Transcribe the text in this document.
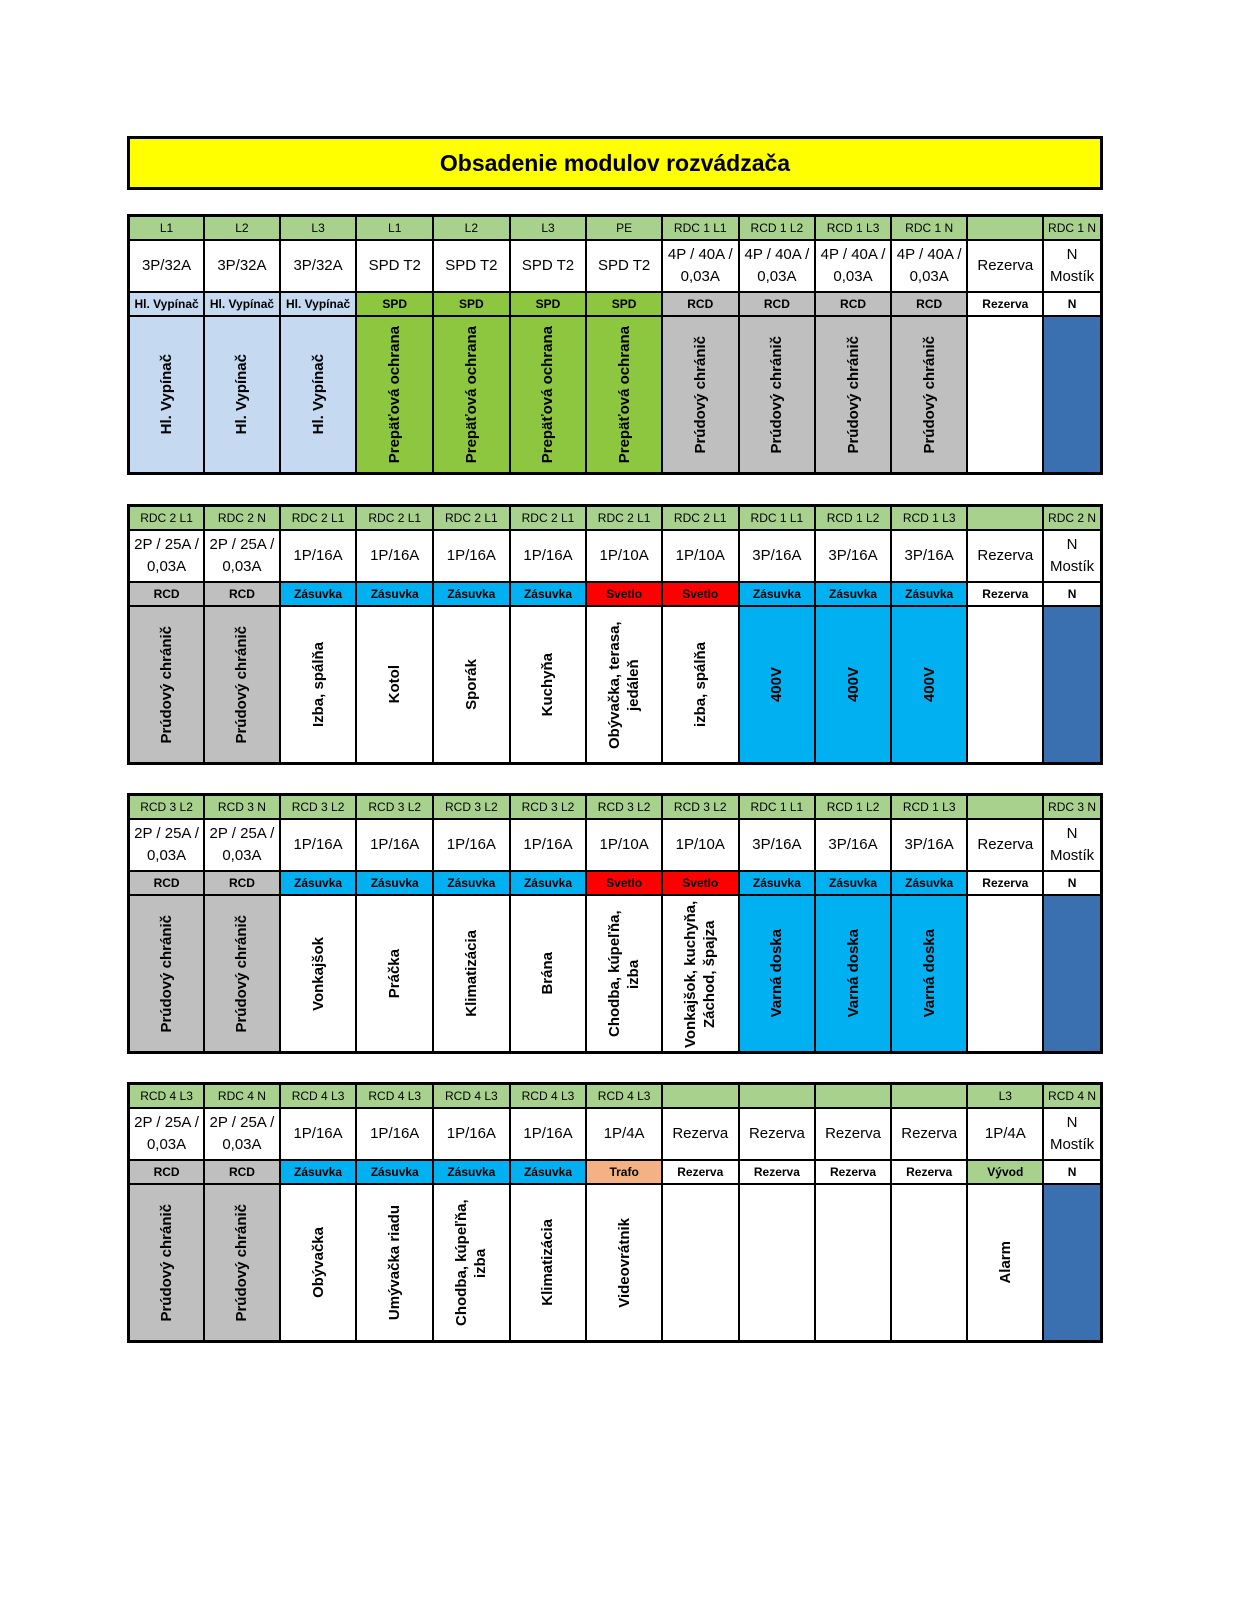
Obsadenie modulov rozvádzača
L1	L2	L3	L1	L2	L3	PE	RDC 1 L1	RCD 1 L2	RCD 1 L3	RDC 1 N		RDC 1 N
3P/32A	3P/32A	3P/32A	SPD T2	SPD T2	SPD T2	SPD T2	4P / 40A / 0,03A	4P / 40A / 0,03A	4P / 40A / 0,03A	4P / 40A / 0,03A	Rezerva	N Mostík
Hl. Vypínač	Hl. Vypínač	Hl. Vypínač	SPD	SPD	SPD	SPD	RCD	RCD	RCD	RCD	Rezerva	N

Hl. Vypínač	Hl. Vypínač	Hl. Vypínač	Prepäťová ochrana	Prepäťová ochrana	Prepäťová ochrana	Prepäťová ochrana	Prúdový chránič	Prúdový chránič	Prúdový chránič	Prúdový chránič		

RDC 2 L1	RDC 2 N	RDC 2 L1	RDC 2 L1	RDC 2 L1	RDC 2 L1	RDC 2 L1	RDC 2 L1	RDC 1 L1	RCD 1 L2	RCD 1 L3		RDC 2 N
2P / 25A / 0,03A	2P / 25A / 0,03A	1P/16A	1P/16A	1P/16A	1P/16A	1P/10A	1P/10A	3P/16A	3P/16A	3P/16A	Rezerva	N Mostík
RCD	RCD	Zásuvka	Zásuvka	Zásuvka	Zásuvka	Svetlo	Svetlo	Zásuvka	Zásuvka	Zásuvka	Rezerva	N

Prúdový chránič	Prúdový chránič	Izba, spálňa	Kotol	Sporák	Kuchyňa	Obývačka, terasa, jedáleň	izba, spálňa	400V	400V	400V		

RCD 3 L2	RCD 3 N	RCD 3 L2	RCD 3 L2	RCD 3 L2	RCD 3 L2	RCD 3 L2	RCD 3 L2	RDC 1 L1	RCD 1 L2	RCD 1 L3		RDC 3 N
2P / 25A / 0,03A	2P / 25A / 0,03A	1P/16A	1P/16A	1P/16A	1P/16A	1P/10A	1P/10A	3P/16A	3P/16A	3P/16A	Rezerva	N Mostík
RCD	RCD	Zásuvka	Zásuvka	Zásuvka	Zásuvka	Svetlo	Svetlo	Zásuvka	Zásuvka	Zásuvka	Rezerva	N

Prúdový chránič	Prúdový chránič	Vonkajšok	Práčka	Klimatizácia	Brána	Chodba, kúpeľňa, izba	Vonkajšok, kuchyňa, Záchod, špajza	Varná doska	Varná doska	Varná doska		

RCD 4 L3	RDC 4 N	RCD 4 L3	RCD 4 L3	RCD 4 L3	RCD 4 L3	RCD 4 L3					L3	RCD 4 N
2P / 25A / 0,03A	2P / 25A / 0,03A	1P/16A	1P/16A	1P/16A	1P/16A	1P/4A	Rezerva	Rezerva	Rezerva	Rezerva	1P/4A	N Mostík
RCD	RCD	Zásuvka	Zásuvka	Zásuvka	Zásuvka	Trafo	Rezerva	Rezerva	Rezerva	Rezerva	Vývod	N

Prúdový chránič	Prúdový chránič	Obývačka	Umývačka riadu	Chodba, kúpeľňa, izba	Klimatizácia	Videovrátnik					Alarm	
